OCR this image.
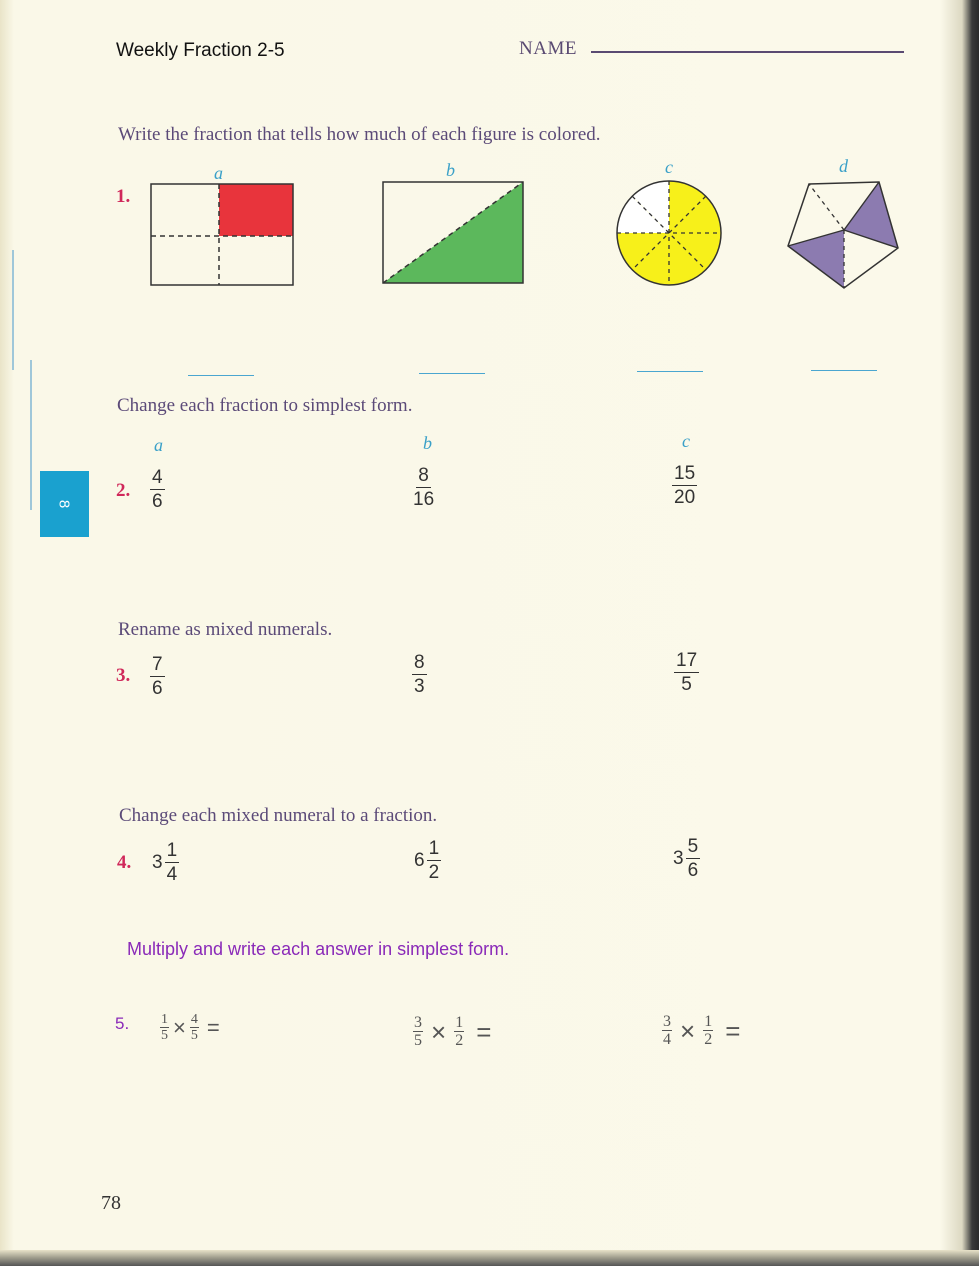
Weekly Fraction 2-5	NAME
8
Write the fraction that tells how much of each figure is colored.
1.
a	b	c	d
Change each fraction to simplest form.
a	b	c
2. $\frac{4}{6}$	$\frac{8}{16}$	$\frac{15}{20}$
Rename as mixed numerals.
3. $\frac{7}{6}$	$\frac{8}{3}$	$\frac{17}{5}$
Change each mixed numeral to a fraction.
4. $3 \frac{1}{4}$	$6 \frac{1}{2}$	$3 \frac{5}{6}$
Multiply and write each answer in simplest form.
5. $\frac{1}{5} \times \frac{4}{5}$ =	$\frac{3}{5} \times \frac{1}{2}$ =	$\frac{3}{4} \times \frac{1}{2}$ =
78
